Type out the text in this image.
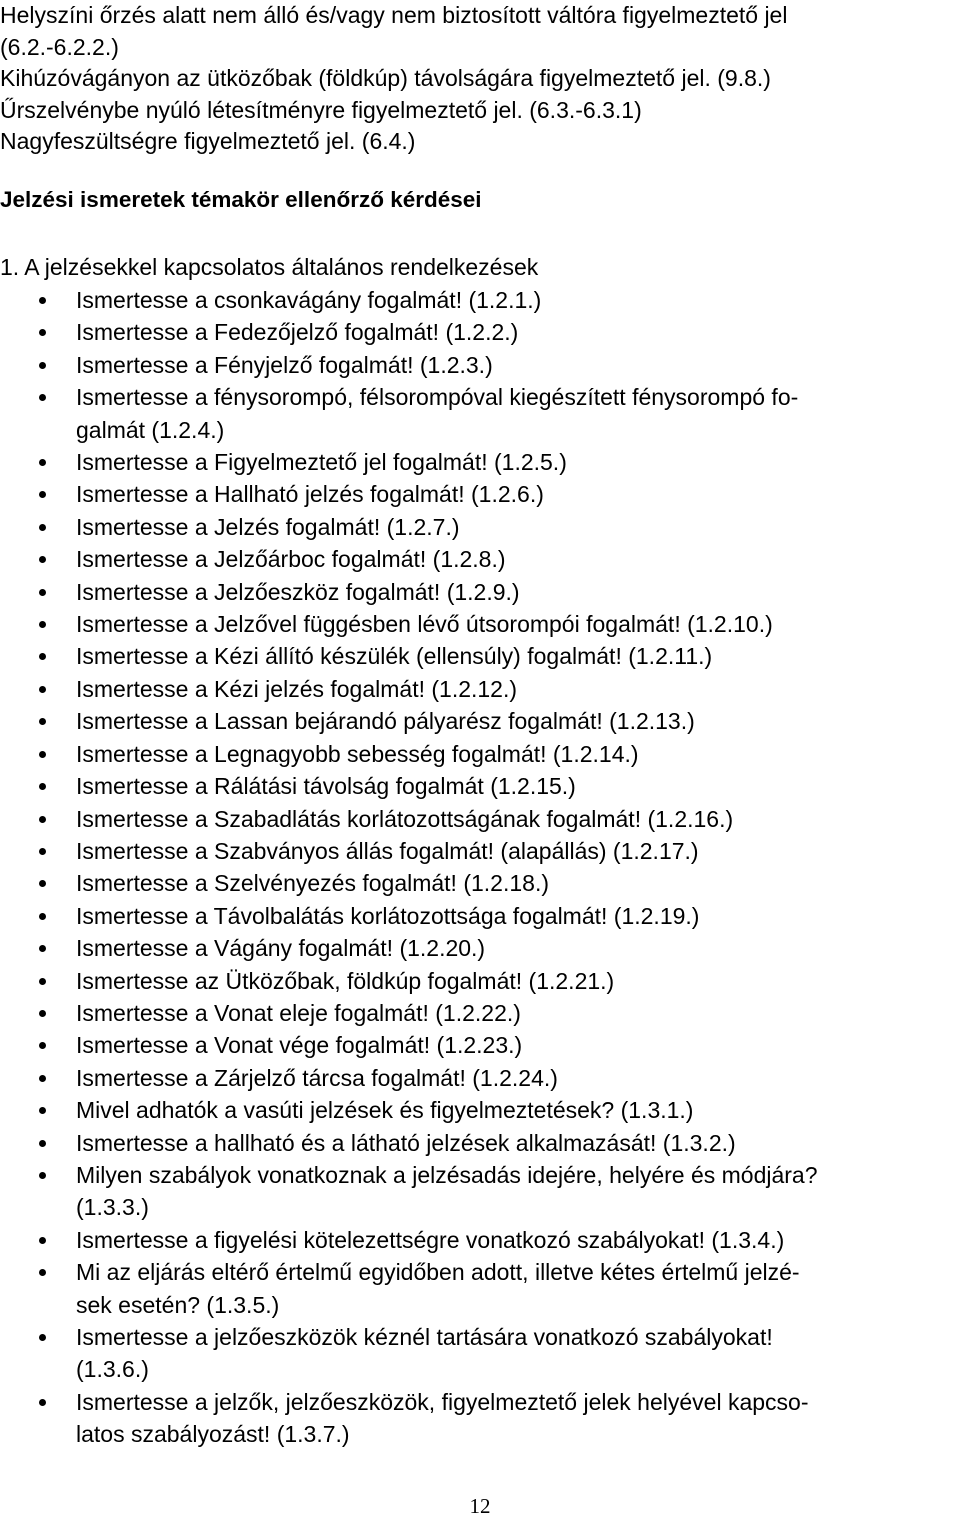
Helyszíni őrzés alatt nem álló és/vagy nem biztosított váltóra figyelmeztető jel
(6.2.-6.2.2.)
Kihúzóvágányon az ütközőbak (földkúp) távolságára figyelmeztető jel. (9.8.)
Űrszelvénybe nyúló létesítményre figyelmeztető jel. (6.3.-6.3.1)
Nagyfeszültségre figyelmeztető jel. (6.4.)
Jelzési ismeretek témakör ellenőrző kérdései
1. A jelzésekkel kapcsolatos általános rendelkezések
Ismertesse a csonkavágány fogalmát! (1.2.1.)
Ismertesse a Fedezőjelző fogalmát! (1.2.2.)
Ismertesse a Fényjelző fogalmát! (1.2.3.)
Ismertesse a fénysorompó, félsorompóval kiegészített fénysorompó fo-
galmát (1.2.4.)
Ismertesse a Figyelmeztető jel fogalmát! (1.2.5.)
Ismertesse a Hallható jelzés fogalmát! (1.2.6.)
Ismertesse a Jelzés fogalmát! (1.2.7.)
Ismertesse a Jelzőárboc fogalmát! (1.2.8.)
Ismertesse a Jelzőeszköz fogalmát! (1.2.9.)
Ismertesse a Jelzővel függésben lévő útsorompói fogalmát! (1.2.10.)
Ismertesse a Kézi állító készülék (ellensúly) fogalmát! (1.2.11.)
Ismertesse a Kézi jelzés fogalmát! (1.2.12.)
Ismertesse a Lassan bejárandó pályarész fogalmát! (1.2.13.)
Ismertesse a Legnagyobb sebesség fogalmát! (1.2.14.)
Ismertesse a Rálátási távolság fogalmát (1.2.15.)
Ismertesse a Szabadlátás korlátozottságának fogalmát! (1.2.16.)
Ismertesse a Szabványos állás fogalmát! (alapállás) (1.2.17.)
Ismertesse a Szelvényezés fogalmát! (1.2.18.)
Ismertesse a Távolbalátás korlátozottsága fogalmát! (1.2.19.)
Ismertesse a Vágány fogalmát! (1.2.20.)
Ismertesse az Ütközőbak, földkúp fogalmát! (1.2.21.)
Ismertesse a Vonat eleje fogalmát! (1.2.22.)
Ismertesse a Vonat vége fogalmát! (1.2.23.)
Ismertesse a Zárjelző tárcsa fogalmát! (1.2.24.)
Mivel adhatók a vasúti jelzések és figyelmeztetések? (1.3.1.)
Ismertesse a hallható és a látható jelzések alkalmazását! (1.3.2.)
Milyen szabályok vonatkoznak a jelzésadás idejére, helyére és módjára?
(1.3.3.)
Ismertesse a figyelési kötelezettségre vonatkozó szabályokat! (1.3.4.)
Mi az eljárás eltérő értelmű egyidőben adott, illetve kétes értelmű jelzé-
sek esetén? (1.3.5.)
Ismertesse a jelzőeszközök kéznél tartására vonatkozó szabályokat!
(1.3.6.)
Ismertesse a jelzők, jelzőeszközök, figyelmeztető jelek helyével kapcso-
latos szabályozást! (1.3.7.)
12
